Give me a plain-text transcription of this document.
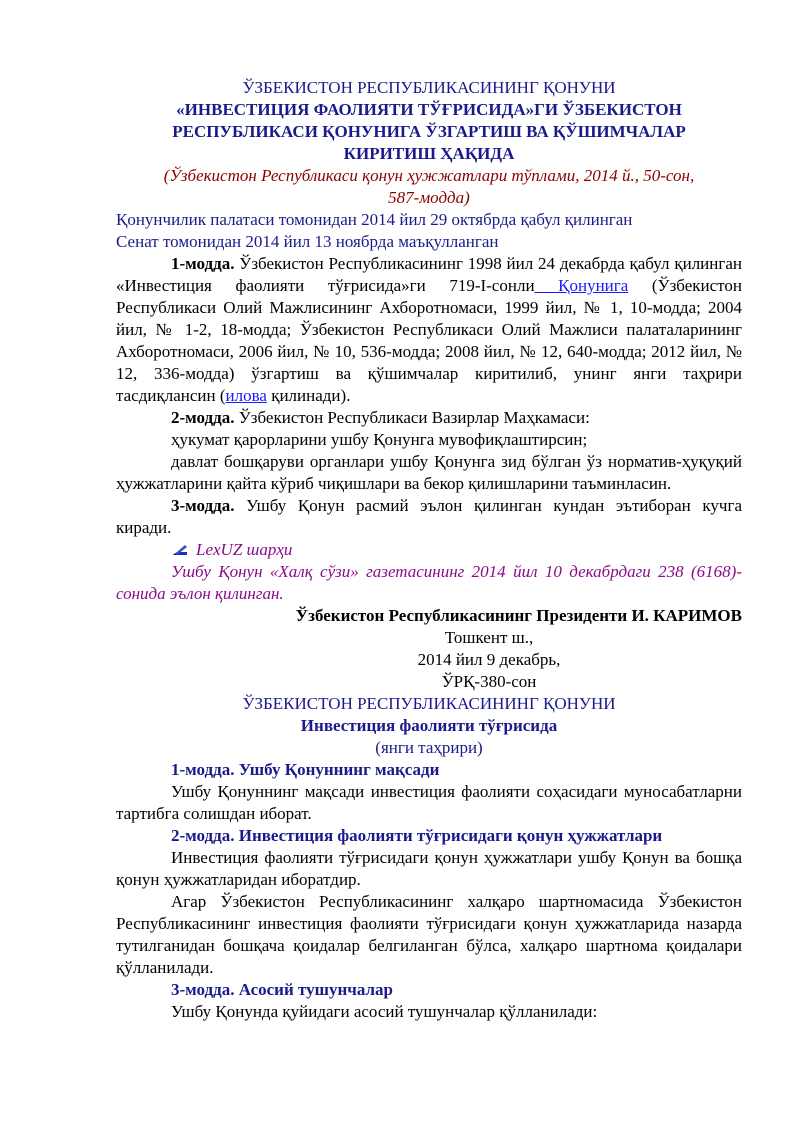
ЎЗБЕКИСТОН РЕСПУБЛИКАСИНИНГ ҚОНУНИ

«ИНВЕСТИЦИЯ ФАОЛИЯТИ ТЎҒРИСИДА»ГИ ЎЗБЕКИСТОН

РЕСПУБЛИКАСИ ҚОНУНИГА ЎЗГАРТИШ ВА ҚЎШИМЧАЛАР

КИРИТИШ ҲАҚИДА

(Ўзбекистон Республикаси қонун ҳужжатлари тўплами, 2014 й., 50-сон,

587-модда)

Қонунчилик палатаси томонидан 2014 йил 29 октябрда қабул қилинган

Сенат томонидан 2014 йил 13 ноябрда маъқулланган

1-модда. Ўзбекистон Республикасининг 1998 йил 24 декабрда қабул қилинган «Инвестиция фаолияти тўғрисида»ги 719-I-сонли Қонунига (Ўзбекистон Республикаси Олий Мажлисининг Ахборотномаси, 1999 йил, № 1, 10-модда; 2004 йил, № 1-2, 18-модда; Ўзбекистон Республикаси Олий Мажлиси палаталарининг Ахборотномаси, 2006 йил, № 10, 536-модда; 2008 йил, № 12, 640-модда; 2012 йил, № 12, 336-модда) ўзгартиш ва қўшимчалар киритилиб, унинг янги таҳрири тасдиқлансин (илова қилинади).

2-модда. Ўзбекистон Республикаси Вазирлар Маҳкамаси:

ҳукумат қарорларини ушбу Қонунга мувофиқлаштирсин;

давлат бошқаруви органлари ушбу Қонунга зид бўлган ўз норматив-ҳуқуқий ҳужжатларини қайта кўриб чиқишлари ва бекор қилишларини таъминласин.

3-модда. Ушбу Қонун расмий эълон қилинган кундан эътиборан кучга киради.

LexUZ шарҳи

Ушбу Қонун «Халқ сўзи» газетасининг 2014 йил 10 декабрдаги 238 (6168)-сонида эълон қилинган.

Ўзбекистон Республикасининг Президенти И. КАРИМОВ

Тошкент ш.,

2014 йил 9 декабрь,

ЎРҚ-380-сон

ЎЗБЕКИСТОН РЕСПУБЛИКАСИНИНГ ҚОНУНИ

Инвестиция фаолияти тўғрисида

(янги таҳрири)

1-модда. Ушбу Қонуннинг мақсади

Ушбу Қонуннинг мақсади инвестиция фаолияти соҳасидаги муносабатларни тартибга солишдан иборат.

2-модда. Инвестиция фаолияти тўғрисидаги қонун ҳужжатлари

Инвестиция фаолияти тўғрисидаги қонун ҳужжатлари ушбу Қонун ва бошқа қонун ҳужжатларидан иборатдир.

Агар Ўзбекистон Республикасининг халқаро шартномасида Ўзбекистон Республикасининг инвестиция фаолияти тўғрисидаги қонун ҳужжатларида назарда тутилганидан бошқача қоидалар белгиланган бўлса, халқаро шартнома қоидалари қўлланилади.

3-модда. Асосий тушунчалар

Ушбу Қонунда қуйидаги асосий тушунчалар қўлланилади:
